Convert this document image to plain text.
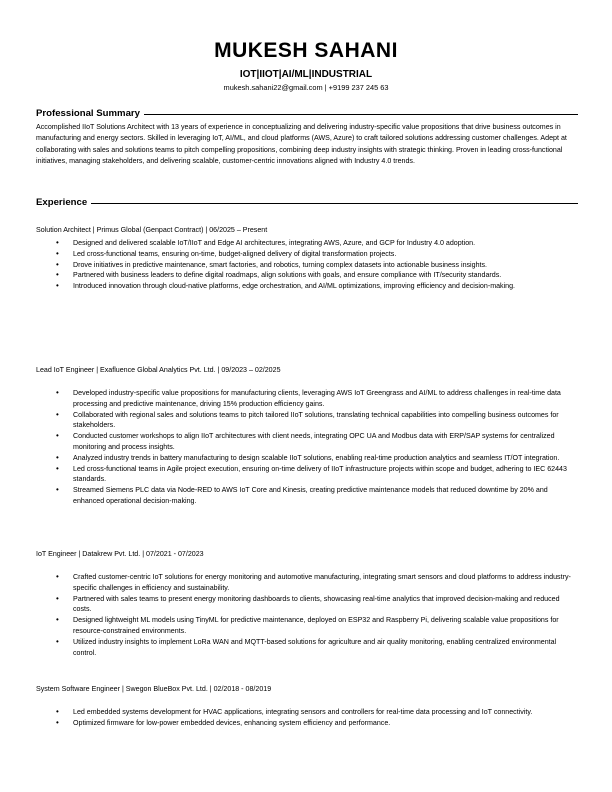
MUKESH SAHANI
IOT|IIOT|AI/ML|INDUSTRIAL
mukesh.sahani22@gmail.com | +9199 237 245 63
Professional Summary
Accomplished IIoT Solutions Architect with 13 years of experience in conceptualizing and delivering industry-specific value propositions that drive business outcomes in manufacturing and energy sectors. Skilled in leveraging IoT, AI/ML, and cloud platforms (AWS, Azure) to craft tailored solutions addressing customer challenges. Adept at collaborating with sales and solutions teams to pitch compelling propositions, combining deep industry insights with strategic thinking. Proven in leading cross-functional initiatives, managing stakeholders, and delivering scalable, customer-centric innovations aligned with Industry 4.0 trends.
Experience
Solution Architect | Primus Global (Genpact Contract) | 06/2025 – Present
• Designed and delivered scalable IoT/IIoT and Edge AI architectures, integrating AWS, Azure, and GCP for Industry 4.0 adoption.
• Led cross-functional teams, ensuring on-time, budget-aligned delivery of digital transformation projects.
• Drove initiatives in predictive maintenance, smart factories, and robotics, turning complex datasets into actionable business insights.
• Partnered with business leaders to define digital roadmaps, align solutions with goals, and ensure compliance with IT/security standards.
• Introduced innovation through cloud-native platforms, edge orchestration, and AI/ML optimizations, improving efficiency and decision-making.
Lead IoT Engineer | Exafluence Global Analytics Pvt. Ltd. | 09/2023 – 02/2025
• Developed industry-specific value propositions for manufacturing clients, leveraging AWS IoT Greengrass and AI/ML to address challenges in real-time data processing and predictive maintenance, driving 15% production efficiency gains.
• Collaborated with regional sales and solutions teams to pitch tailored IIoT solutions, translating technical capabilities into compelling business outcomes for stakeholders.
• Conducted customer workshops to align IIoT architectures with client needs, integrating OPC UA and Modbus data with ERP/SAP systems for centralized monitoring and process insights.
• Analyzed industry trends in battery manufacturing to design scalable IIoT solutions, enabling real-time production analytics and seamless IT/OT integration.
• Led cross-functional teams in Agile project execution, ensuring on-time delivery of IIoT infrastructure projects within scope and budget, adhering to IEC 62443 standards.
• Streamed Siemens PLC data via Node-RED to AWS IoT Core and Kinesis, creating predictive maintenance models that reduced downtime by 20% and enhanced operational decision-making.
IoT Engineer | Datakrew Pvt. Ltd. | 07/2021 - 07/2023
• Crafted customer-centric IoT solutions for energy monitoring and automotive manufacturing, integrating smart sensors and cloud platforms to address industry-specific challenges in efficiency and sustainability.
• Partnered with sales teams to present energy monitoring dashboards to clients, showcasing real-time analytics that improved decision-making and reduced costs.
• Designed lightweight ML models using TinyML for predictive maintenance, deployed on ESP32 and Raspberry Pi, delivering scalable value propositions for resource-constrained environments.
• Utilized industry insights to implement LoRa WAN and MQTT-based solutions for agriculture and air quality monitoring, enabling centralized environmental control.
System Software Engineer | Swegon BlueBox Pvt. Ltd. | 02/2018 - 08/2019
• Led embedded systems development for HVAC applications, integrating sensors and controllers for real-time data processing and IoT connectivity.
• Optimized firmware for low-power embedded devices, enhancing system efficiency and performance.
